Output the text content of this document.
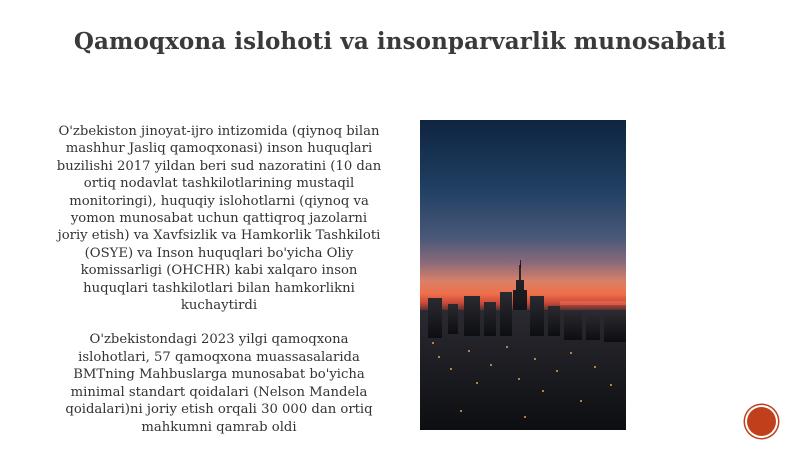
Qamoqxona islohoti va insonparvarlik munosabati

O'zbekiston jinoyat-ijro intizomida (qiynoq bilan mashhur Jasliq qamoqxonasi) inson huquqlari buzilishi 2017 yildan beri sud nazoratini (10 dan ortiq nodavlat tashkilotlarining mustaqil monitoringi), huquqiy islohotlarni (qiynoq va yomon munosabat uchun qattiqroq jazolarni joriy etish) va Xavfsizlik va Hamkorlik Tashkiloti (OSYE) va Inson huquqlari bo'yicha Oliy komissarligi (OHCHR) kabi xalqaro inson huquqlari tashkilotlari bilan hamkorlikni kuchaytirdi

O'zbekistondagi 2023 yilgi qamoqxona islohotlari, 57 qamoqxona muassasalarida BMTning Mahbuslarga munosabat bo'yicha minimal standart qoidalari (Nelson Mandela qoidalari)ni joriy etish orqali 30 000 dan ortiq mahkumni qamrab oldi
